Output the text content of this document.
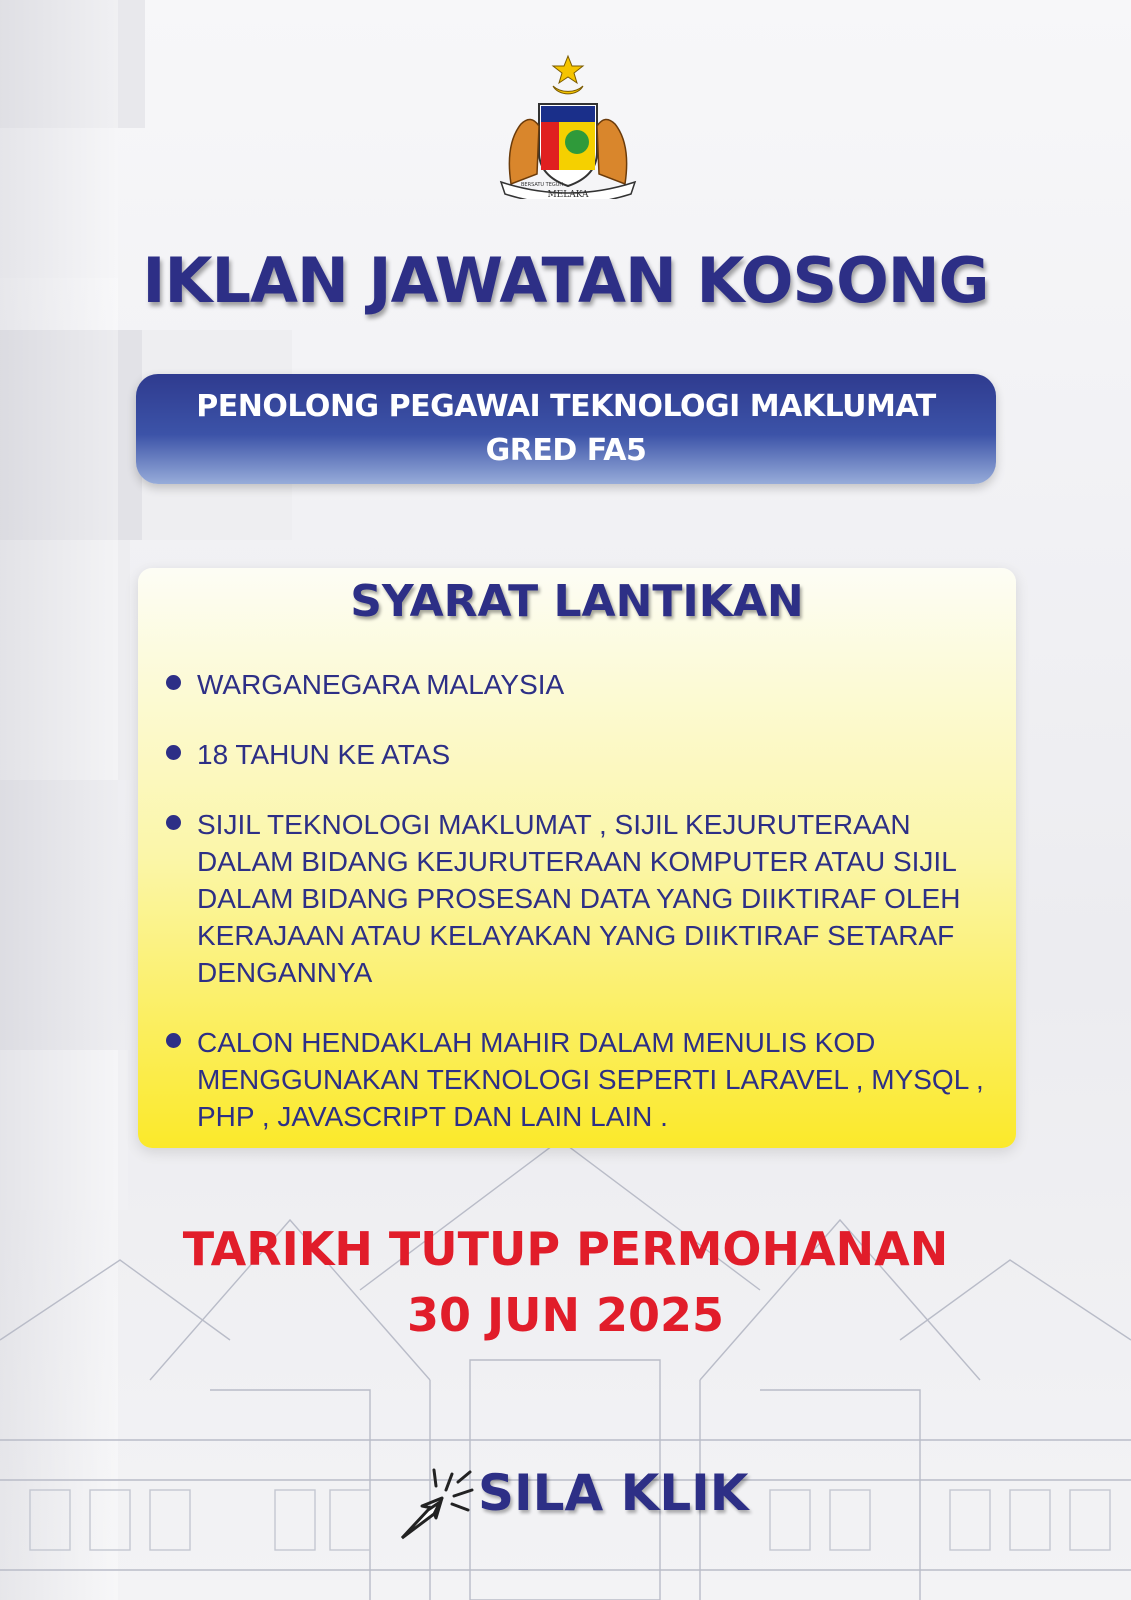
MELAKA
BERSATU TEGUH
IKLAN JAWATAN KOSONG
PENOLONG PEGAWAI TEKNOLOGI MAKLUMAT
GRED FA5
SYARAT LANTIKAN
WARGANEGARA MALAYSIA
18 TAHUN KE ATAS
SIJIL TEKNOLOGI MAKLUMAT , SIJIL KEJURUTERAAN DALAM BIDANG KEJURUTERAAN KOMPUTER ATAU SIJIL DALAM BIDANG PROSESAN DATA YANG DIIKTIRAF OLEH KERAJAAN ATAU KELAYAKAN YANG DIIKTIRAF SETARAF DENGANNYA
CALON HENDAKLAH MAHIR DALAM MENULIS KOD MENGGUNAKAN TEKNOLOGI SEPERTI LARAVEL , MYSQL , PHP , JAVASCRIPT DAN LAIN LAIN .
TARIKH TUTUP PERMOHANAN
30 JUN 2025
SILA KLIK
